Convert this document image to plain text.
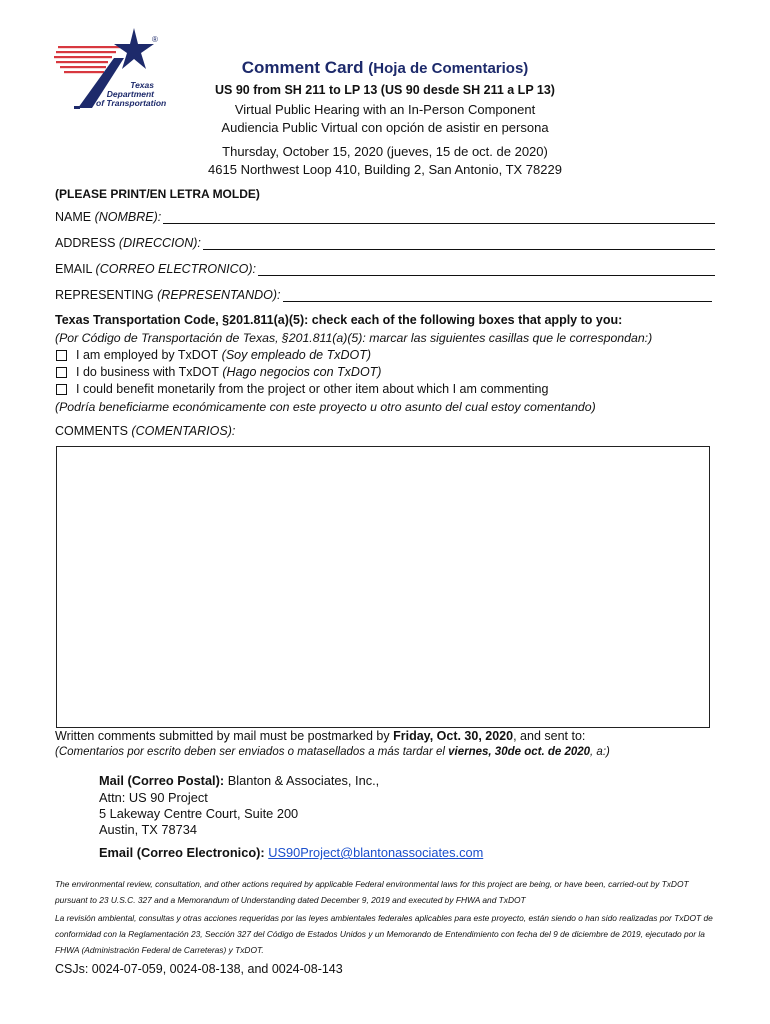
®
Texas
Department
of Transportation
Comment Card (Hoja de Comentarios)
US 90 from SH 211 to LP 13 (US 90 desde SH 211 a LP 13)
Virtual Public Hearing with an In-Person Component
Audiencia Public Virtual con opción de asistir en persona
Thursday, October 15, 2020 (jueves, 15 de oct. de 2020)
4615 Northwest Loop 410, Building 2, San Antonio, TX 78229
(PLEASE PRINT/EN LETRA MOLDE)
NAME (NOMBRE):
ADDRESS (DIRECCION):
EMAIL (CORREO ELECTRONICO):
REPRESENTING (REPRESENTANDO):
Texas Transportation Code, §201.811(a)(5): check each of the following boxes that apply to you:
(Por Código de Transportación de Texas, §201.811(a)(5): marcar las siguientes casillas que le correspondan:)
I am employed by TxDOT
(Soy empleado de TxDOT)
I do business with TxDOT
(Hago negocios con TxDOT)
I could benefit monetarily from the project or other item about which I am commenting
(Podría beneficiarme económicamente con este proyecto u otro asunto del cual estoy comentando)
COMMENTS (COMENTARIOS):
Written comments submitted by mail must be postmarked by Friday, Oct. 30, 2020, and sent to:
(Comentarios por escrito deben ser enviados o matasellados a más tardar el viernes, 30de oct. de 2020, a:)
Mail (Correo Postal): Blanton & Associates, Inc.,
Attn: US 90 Project
5 Lakeway Centre Court, Suite 200
Austin, TX 78734
Email (Correo Electronico): US90Project@blantonassociates.com
The environmental review, consultation, and other actions required by applicable Federal environmental laws for this project are being, or have been, carried-out by TxDOT pursuant to 23 U.S.C. 327 and a Memorandum of Understanding dated December 9, 2019 and executed by FHWA and TxDOT
La revisión ambiental, consultas y otras acciones requeridas por las leyes ambientales federales aplicables para este proyecto, están siendo o han sido realizadas por TxDOT de conformidad con la Reglamentación 23, Sección 327 del Código de Estados Unidos y un Memorando de Entendimiento con fecha del 9 de diciembre de 2019, ejecutado por la FHWA (Administración Federal de Carreteras) y TxDOT.
CSJs: 0024-07-059, 0024-08-138, and 0024-08-143
